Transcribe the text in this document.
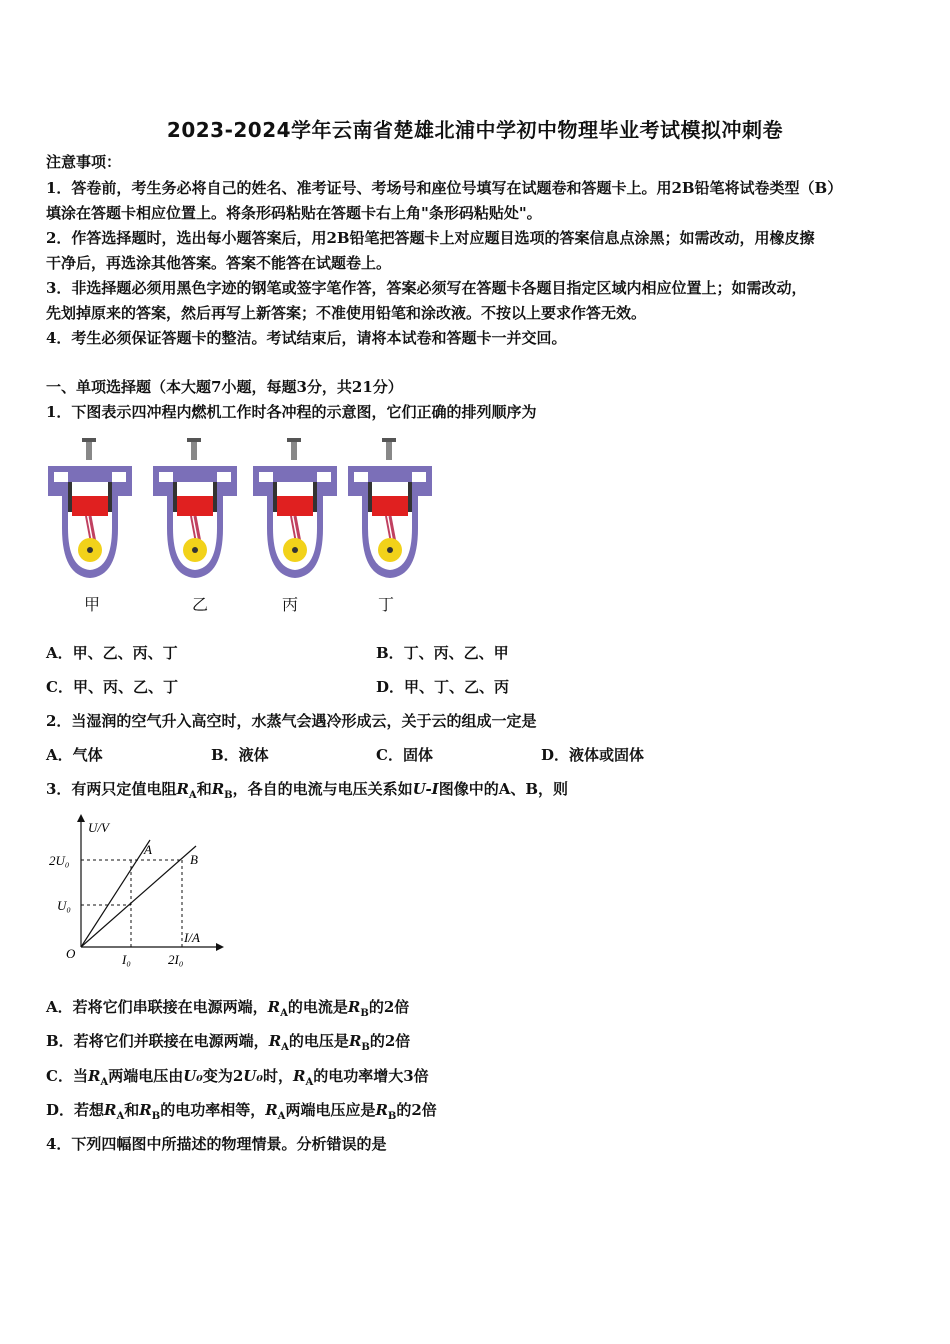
2023-2024学年云南省楚雄北浦中学初中物理毕业考试模拟冲刺卷
注意事项：
1．答卷前，考生务必将自己的姓名、准考证号、考场号和座位号填写在试题卷和答题卡上。用2B铅笔将试卷类型（B）
填涂在答题卡相应位置上。将条形码粘贴在答题卡右上角"条形码粘贴处"。
2．作答选择题时，选出每小题答案后，用2B铅笔把答题卡上对应题目选项的答案信息点涂黑；如需改动，用橡皮擦
干净后，再选涂其他答案。答案不能答在试题卷上。
3．非选择题必须用黑色字迹的钢笔或签字笔作答，答案必须写在答题卡各题目指定区域内相应位置上；如需改动，
先划掉原来的答案，然后再写上新答案；不准使用铅笔和涂改液。不按以上要求作答无效。
4．考生必须保证答题卡的整洁。考试结束后，请将本试卷和答题卡一并交回。
一、单项选择题（本大题7小题，每题3分，共21分）
1．下图表示四冲程内燃机工作时各冲程的示意图，它们正确的排列顺序为
甲	乙	丙	丁
A．甲、乙、丙、丁	B．丁、丙、乙、甲
C．甲、丙、乙、丁	D．甲、丁、乙、丙
2．当湿润的空气升入高空时，水蒸气会遇冷形成云，关于云的组成一定是
A．气体	B．液体	C．固体	D．液体或固体
3．有两只定值电阻$R_A$和$R_B$，各自的电流与电压关系如U-I图像中的A、B，则
U/V
I/A
O
2U₀
U₀
I₀	2I₀
A
B
A．若将它们串联接在电源两端，$R_A$的电流是$R_B$的2倍
B．若将它们并联接在电源两端，$R_A$的电压是$R_B$的2倍
C．当$R_A$两端电压由U₀变为2U₀时，$R_A$的电功率增大3倍
D．若想$R_A$和$R_B$的电功率相等，$R_A$两端电压应是$R_B$的2倍
4．下列四幅图中所描述的物理情景。分析错误的是
